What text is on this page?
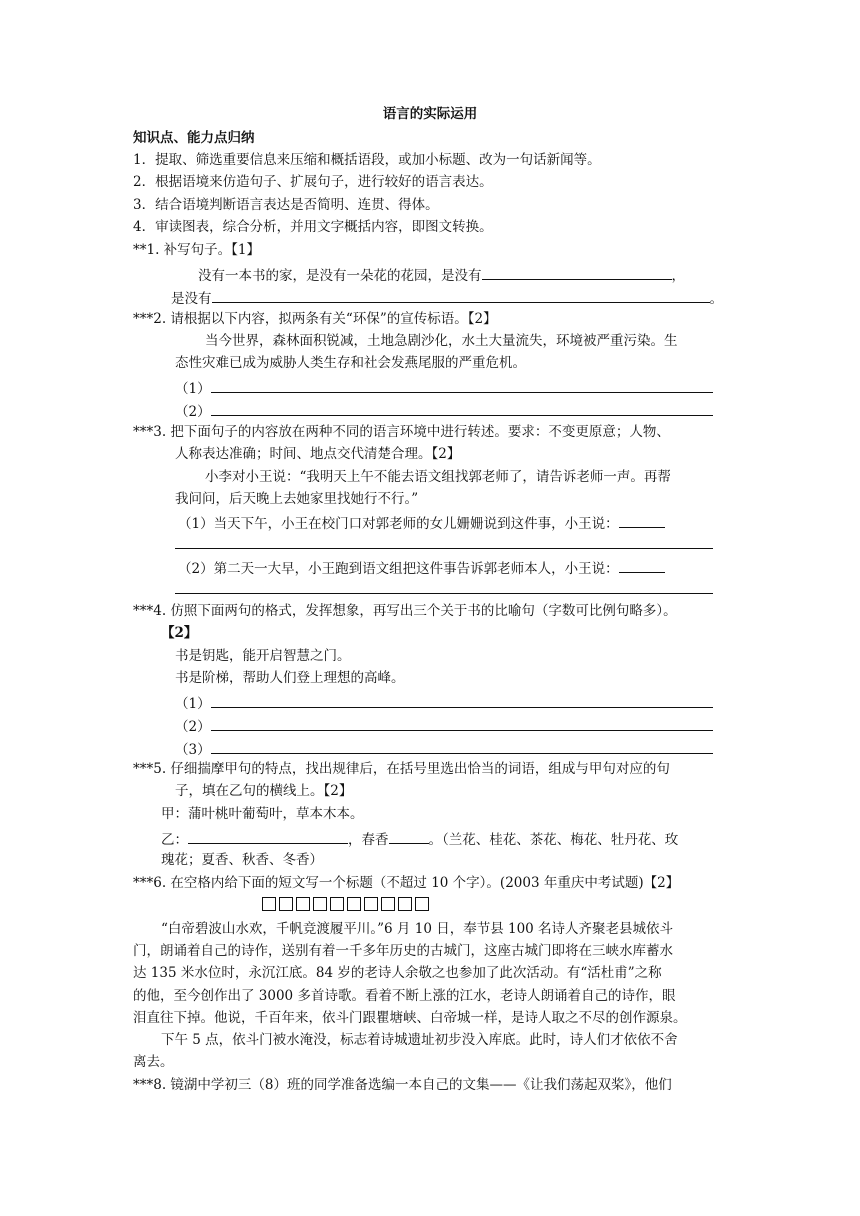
语言的实际运用
知识点、能力点归纳
1．提取、筛选重要信息来压缩和概括语段，或加小标题、改为一句话新闻等。
2．根据语境来仿造句子、扩展句子，进行较好的语言表达。
3．结合语境判断语言表达是否简明、连贯、得体。
4．审读图表，综合分析，并用文字概括内容，即图文转换。
**1. 补写句子。【1】
没有一本书的家，是没有一朵花的花园，是没有	，
是没有	。
***2. 请根据以下内容，拟两条有关“环保”的宣传标语。【2】
当今世界，森林面积锐减，土地急剧沙化，水土大量流失，环境被严重污染。生
态性灾难已成为威胁人类生存和社会发燕尾服的严重危机。
（1）
（2）
***3. 把下面句子的内容放在两种不同的语言环境中进行转述。要求：不变更原意；人物、
人称表达准确；时间、地点交代清楚合理。【2】
小李对小王说：“我明天上午不能去语文组找郭老师了，请告诉老师一声。再帮
我问问，后天晚上去她家里找她行不行。”
（1）当天下午，小王在校门口对郭老师的女儿姗姗说到这件事，小王说：
（2）第二天一大早，小王跑到语文组把这件事告诉郭老师本人，小王说：
***4. 仿照下面两句的格式，发挥想象，再写出三个关于书的比喻句（字数可比例句略多）。
【2】
书是钥匙，能开启智慧之门。
书是阶梯，帮助人们登上理想的高峰。
（1）
（2）
（3）
***5. 仔细揣摩甲句的特点，找出规律后，在括号里选出恰当的词语，组成与甲句对应的句
子，填在乙句的横线上。【2】
甲：蒲叶桃叶葡萄叶，草本木本。
乙：	，春香	。（兰花、桂花、茶花、梅花、牡丹花、玫
瑰花；夏香、秋香、冬香）
***6. 在空格内给下面的短文写一个标题（不超过 10 个字）。(2003 年重庆中考试题)【2】
“白帝碧波山水欢，千帆竞渡履平川。”6 月 10 日，奉节县 100 名诗人齐聚老县城依斗
门，朗诵着自己的诗作，送别有着一千多年历史的古城门，这座古城门即将在三峡水库蓄水
达 135 米水位时，永沉江底。84 岁的老诗人余敬之也参加了此次活动。有“活杜甫”之称
的他，至今创作出了 3000 多首诗歌。看着不断上涨的江水，老诗人朗诵着自己的诗作，眼
泪直往下掉。他说，千百年来，依斗门跟瞿塘峡、白帝城一样，是诗人取之不尽的创作源泉。
下午 5 点，依斗门被水淹没，标志着诗城遗址初步没入库底。此时，诗人们才依依不舍
离去。
***8. 镜湖中学初三（8）班的同学准备选编一本自己的文集——《让我们荡起双桨》，他们
